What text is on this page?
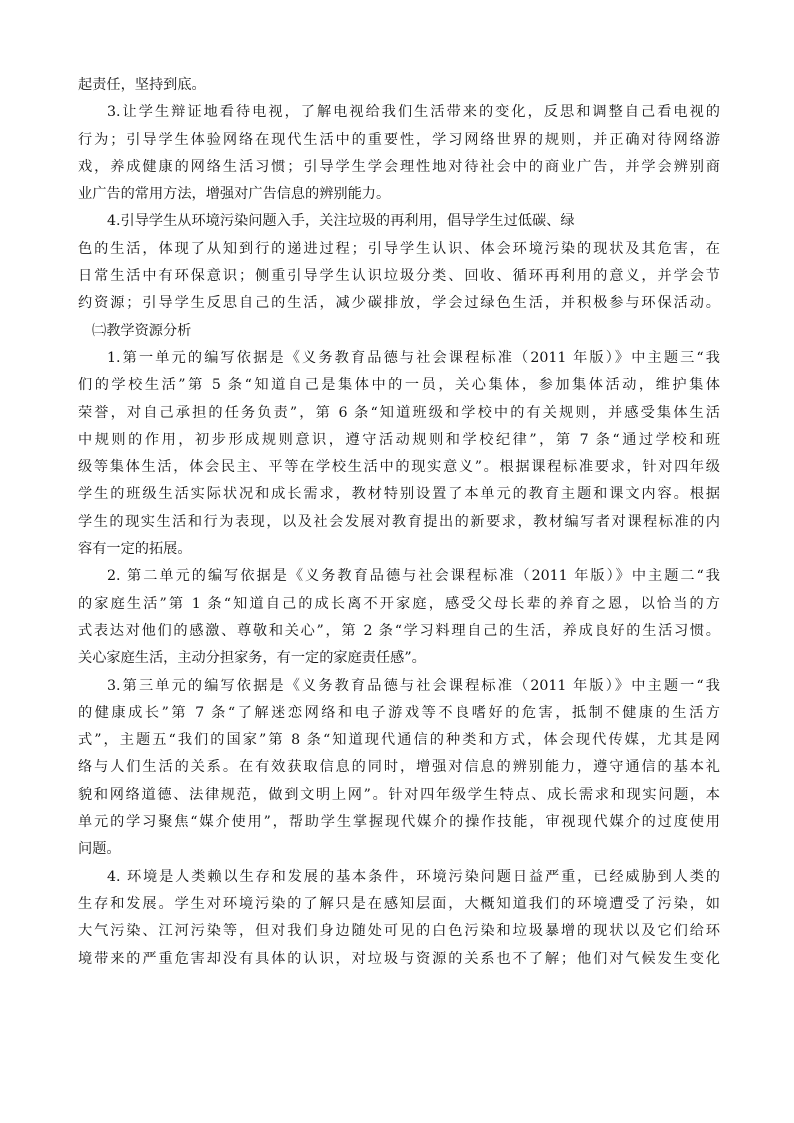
起责任，坚持到底。
3.让学生辩证地看待电视，了解电视给我们生活带来的变化，反思和调整自己看电视的
行为；引导学生体验网络在现代生活中的重要性，学习网络世界的规则，并正确对待网络游
戏，养成健康的网络生活习惯；引导学生学会理性地对待社会中的商业广告，并学会辨别商
业广告的常用方法，增强对广告信息的辨别能力。
4.引导学生从环境污染问题入手，关注垃圾的再利用，倡导学生过低碳、绿
色的生活，体现了从知到行的递进过程；引导学生认识、体会环境污染的现状及其危害，在
日常生活中有环保意识；侧重引导学生认识垃圾分类、回收、循环再利用的意义，并学会节
约资源；引导学生反思自己的生活，减少碳排放，学会过绿色生活，并积极参与环保活动。
㈡教学资源分析
1.第一单元的编写依据是《义务教育品德与社会课程标准（2011 年版）》中主题三“我
们的学校生活”第 5 条“知道自己是集体中的一员，关心集体，参加集体活动，维护集体
荣誉，对自己承担的任务负责”，第 6 条“知道班级和学校中的有关规则，并感受集体生活
中规则的作用，初步形成规则意识，遵守活动规则和学校纪律”，第 7 条“通过学校和班
级等集体生活，体会民主、平等在学校生活中的现实意义”。根据课程标准要求，针对四年级
学生的班级生活实际状况和成长需求，教材特别设置了本单元的教育主题和课文内容。根据
学生的现实生活和行为表现，以及社会发展对教育提出的新要求，教材编写者对课程标准的内
容有一定的拓展。
2. 第二单元的编写依据是《义务教育品德与社会课程标准（2011 年版）》中主题二“我
的家庭生活”第 1 条“知道自己的成长离不开家庭，感受父母长辈的养育之恩，以恰当的方
式表达对他们的感激、尊敬和关心”，第 2 条“学习料理自己的生活，养成良好的生活习惯。
关心家庭生活，主动分担家务，有一定的家庭责任感”。
3.第三单元的编写依据是《义务教育品德与社会课程标准（2011 年版）》中主题一“我
的健康成长”第 7 条“了解迷恋网络和电子游戏等不良嗜好的危害，抵制不健康的生活方
式”，主题五“我们的国家”第 8 条“知道现代通信的种类和方式，体会现代传媒，尤其是网
络与人们生活的关系。在有效获取信息的同时，增强对信息的辨别能力，遵守通信的基本礼
貌和网络道德、法律规范，做到文明上网”。针对四年级学生特点、成长需求和现实问题，本
单元的学习聚焦“媒介使用”，帮助学生掌握现代媒介的操作技能，审视现代媒介的过度使用
问题。
4. 环境是人类赖以生存和发展的基本条件，环境污染问题日益严重，已经威胁到人类的
生存和发展。学生对环境污染的了解只是在感知层面，大概知道我们的环境遭受了污染，如
大气污染、江河污染等，但对我们身边随处可见的白色污染和垃圾暴增的现状以及它们给环
境带来的严重危害却没有具体的认识，对垃圾与资源的关系也不了解；他们对气候发生变化
